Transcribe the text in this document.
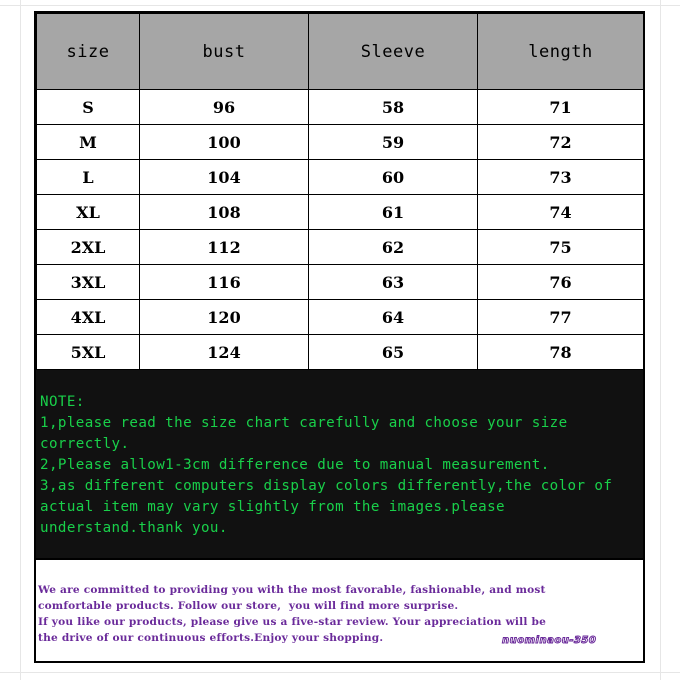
size	bust	Sleeve	length
S	96	58	71
M	100	59	72
L	104	60	73
XL	108	61	74
2XL	112	62	75
3XL	116	63	76
4XL	120	64	77
5XL	124	65	78
NOTE:
1,please read the size chart carefully and choose your size
correctly.
2,Please allow1-3cm difference due to manual measurement.
3,as different computers display colors differently,the color of
actual item may vary slightly from the images.please
understand.thank you.
We are committed to providing you with the most favorable, fashionable, and most
comfortable products. Follow our store,  you will find more surprise.
If you like our products, please give us a five-star review. Your appreciation will be
the drive of our continuous efforts.Enjoy your shopping.	nuominaou-350
